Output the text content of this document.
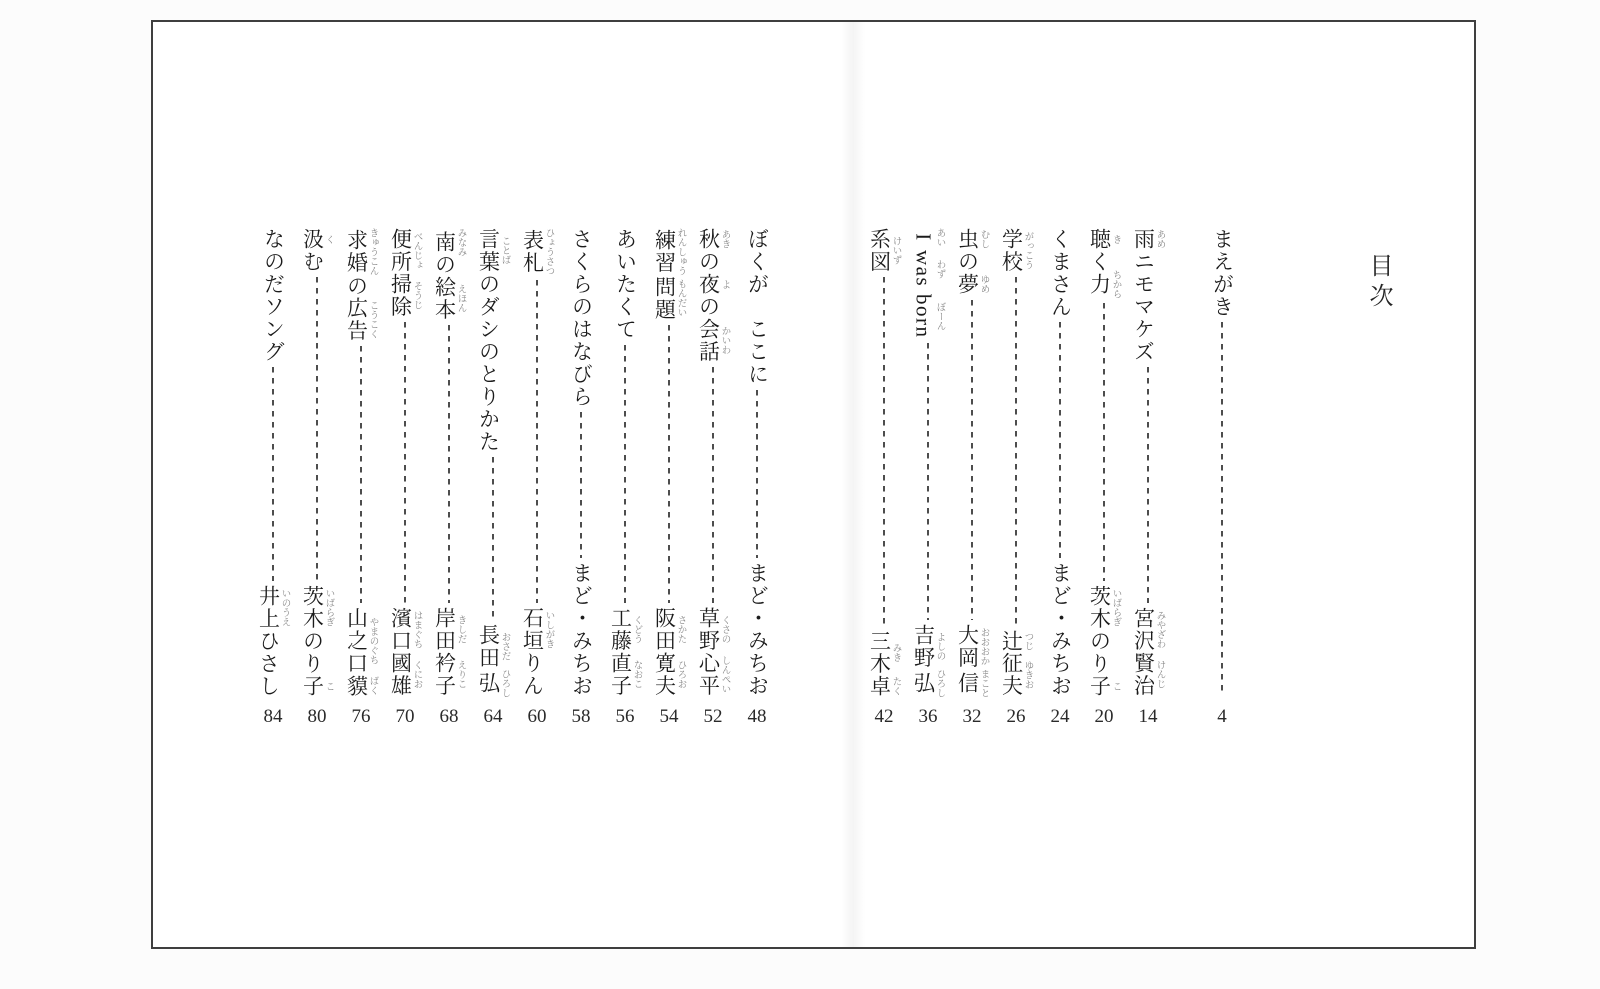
目次
まえがき
4
雨 あめニモマケズ
宮沢 みやざわ賢治 けんじ
14
聴 きく力 ちから
茨木 いばらぎのり子 こ
20
くまさん
まど・みちお
24
学校 がっこう
辻 つじ征夫 ゆきお
26
虫 むしの夢 ゆめ
大岡 おおおか信 まこと
32
I あい was わず born ぼーん
吉野 よしの弘 ひろし
36
系図 けいず
三木 みき卓 たく
42
ぼくが　ここに
まど・みちお
48
秋 あきの夜 よの会話 かいわ
草野 くさの心平 しんぺい
52
練習 れんしゅう問題 もんだい
阪田 さかた寛夫 ひろお
54
あいたくて
工藤 くどう直子 なおこ
56
さくらのはなびら
まど・みちお
58
表札 ひょうさつ
石垣 いしがきりん
60
言葉 ことばのダシのとりかた
長田 おさだ弘 ひろし
64
南 みなみの絵本 えほん
岸田 きしだ衿子 えりこ
68
便所 べんじょ掃除 そうじ
濱口 はまぐち國雄 くにお
70
求婚 きゅうこんの広告 こうこく
山之口 やまのぐち貘 ばく
76
汲 くむ
茨木 いばらぎのり子 こ
80
なのだソング
井上 いのうえひさし
84
